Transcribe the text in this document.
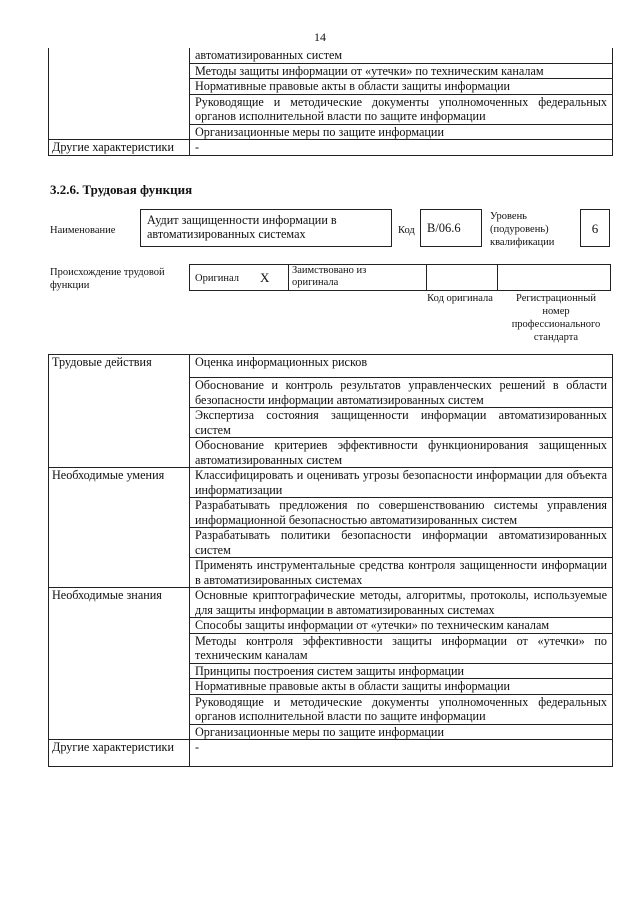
14
	автоматизированных систем
	Методы защиты информации от «утечки» по техническим каналам
	Нормативные правовые акты в области защиты информации
	Руководящие и методические документы уполномоченных федеральных органов исполнительной власти по защите информации
	Организационные меры по защите информации
Другие характеристики	-
3.2.6. Трудовая функция
Наименование
Аудит защищенности информации в автоматизированных системах	Код B/06.6
Уровень (подуровень) квалификации
6
Происхождение трудовой функции
Оригинал X Заимствовано из оригинала
Код оригинала	Регистрационный номер профессионального стандарта
Трудовые действия	Оценка информационных рисков
	Обоснование и контроль результатов управленческих решений в области безопасности информации автоматизированных систем
	Экспертиза состояния защищенности информации автоматизированных систем
	Обоснование критериев эффективности функционирования защищенных автоматизированных систем
Необходимые умения	Классифицировать и оценивать угрозы безопасности информации для объекта информатизации
	Разрабатывать предложения по совершенствованию системы управления информационной безопасностью автоматизированных систем
	Разрабатывать политики безопасности информации автоматизированных систем
	Применять инструментальные средства контроля защищенности информации в автоматизированных системах
Необходимые знания	Основные криптографические методы, алгоритмы, протоколы, используемые для защиты информации в автоматизированных системах
	Способы защиты информации от «утечки» по техническим каналам
	Методы контроля эффективности защиты информации от «утечки» по техническим каналам
	Принципы построения систем защиты информации
	Нормативные правовые акты в области защиты информации
	Руководящие и методические документы уполномоченных федеральных органов исполнительной власти по защите информации
	Организационные меры по защите информации
Другие характеристики	-
